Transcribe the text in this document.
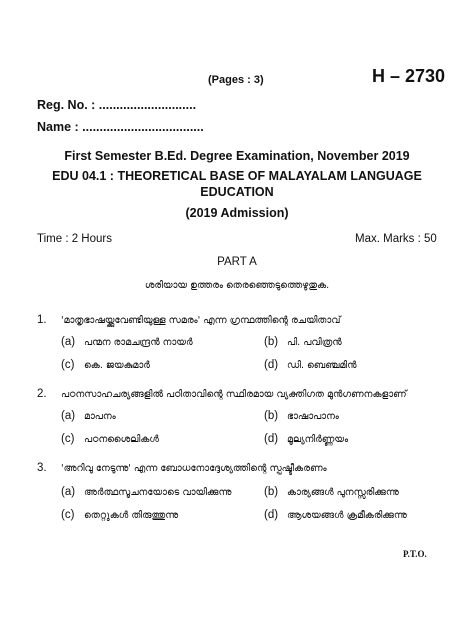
(Pages : 3)	H – 2730
Reg. No. : ............................
Name : ...................................
First Semester B.Ed. Degree Examination, November 2019
EDU 04.1 : THEORETICAL BASE OF MALAYALAM LANGUAGE
EDUCATION
(2019 Admission)
Time : 2 Hours	Max. Marks : 50
PART A
ശരിയായ ഉത്തരം തെരഞ്ഞെടുത്തെഴുതുക.
1. 'മാതൃഭാഷയ്ക്കുവേണ്ടിയുള്ള സമരം' എന്ന ഗ്രന്ഥത്തിന്റെ രചയിതാവ്
(a) പന്മന രാമചന്ദ്രൻ നായർ	(b) പി. പവിത്രൻ
(c) കെ. ജയകുമാർ	(d) ഡി. ബെഞ്ചമിൻ
2. പഠനസാഹചര്യങ്ങളിൽ പഠിതാവിന്റെ സ്ഥിരമായ വ്യക്തിഗത മുൻഗണനകളാണ്
(a) മാപനം	(b) ഭാഷാപാനം
(c) പഠനശൈലികൾ	(d) മൂല്യനിർണ്ണയം
3. 'അറിവു നേടുന്നു' എന്ന ബോധനോദ്ദേശ്യത്തിന്റെ സ്പഷ്ടീകരണം
(a) അർത്ഥസൂചനയോടെ വായിക്കുന്നു	(b) കാര്യങ്ങൾ പുനസ്സരിക്കുന്നു
(c) തെറ്റുകൾ തിരുത്തുന്നു	(d) ആശയങ്ങൾ ക്രമീകരിക്കുന്നു
P.T.O.
